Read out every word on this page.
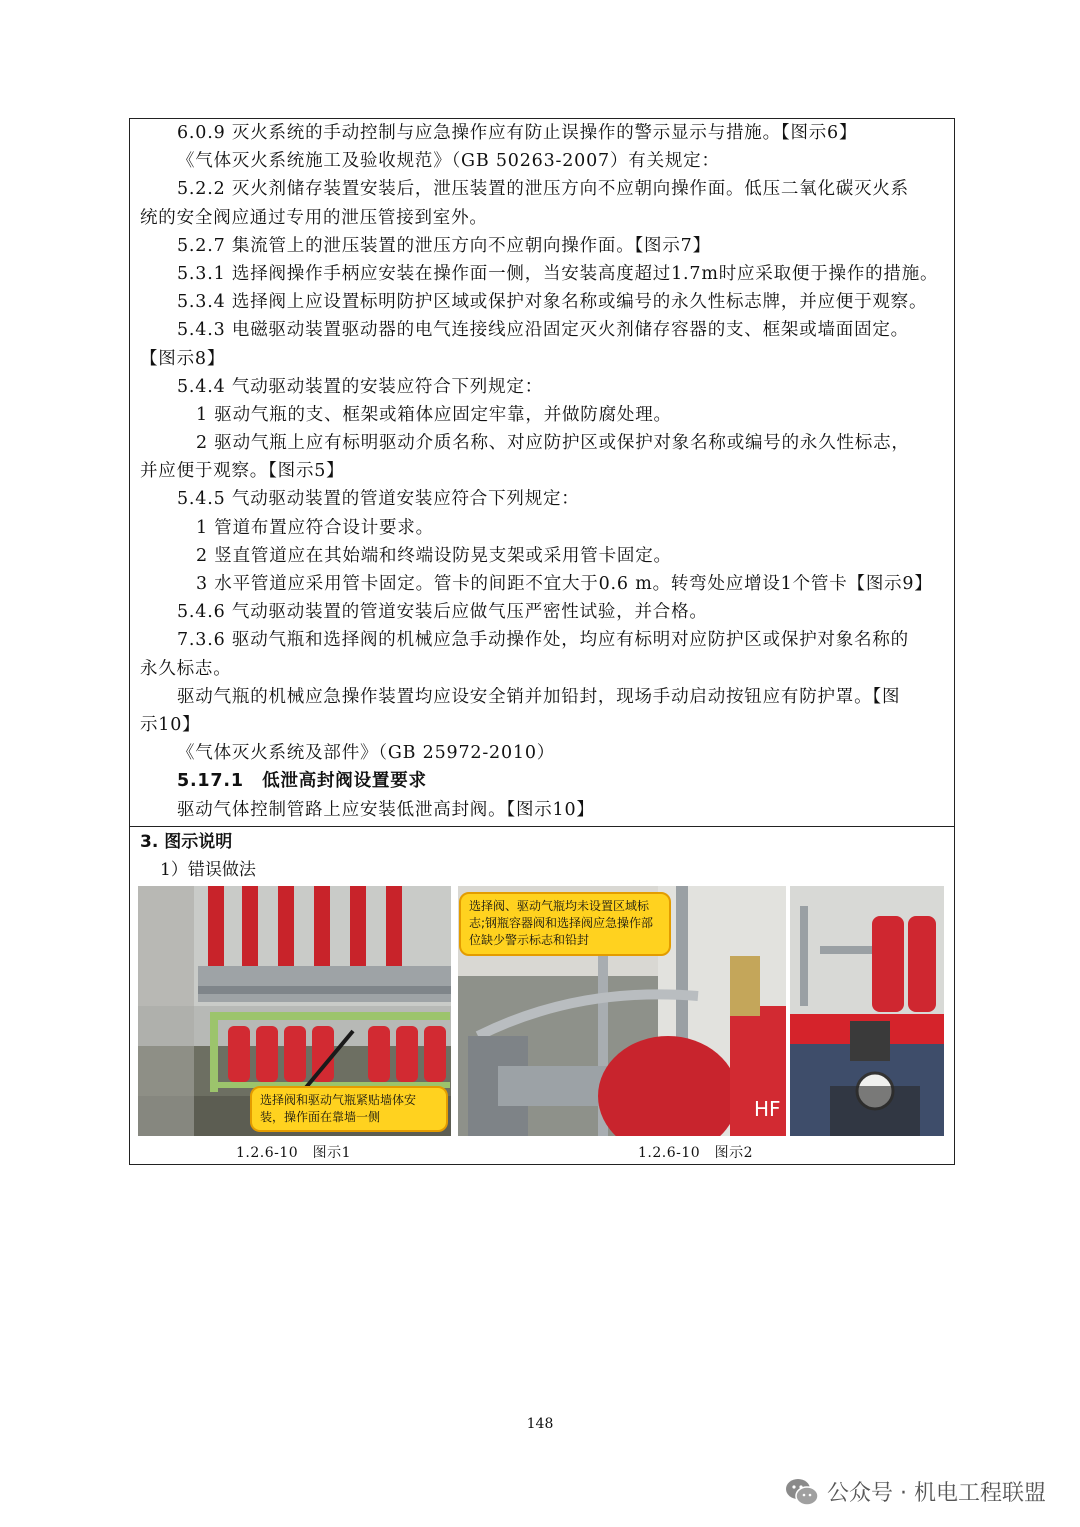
6.0.9 灭火系统的手动控制与应急操作应有防止误操作的警示显示与措施。【图示6】
《气体灭火系统施工及验收规范》（GB 50263-2007）有关规定：
5.2.2 灭火剂储存装置安装后，泄压装置的泄压方向不应朝向操作面。低压二氧化碳灭火系
统的安全阀应通过专用的泄压管接到室外。
5.2.7 集流管上的泄压装置的泄压方向不应朝向操作面。【图示7】
5.3.1 选择阀操作手柄应安装在操作面一侧，当安装高度超过1.7m时应采取便于操作的措施。
5.3.4 选择阀上应设置标明防护区域或保护对象名称或编号的永久性标志牌，并应便于观察。
5.4.3 电磁驱动装置驱动器的电气连接线应沿固定灭火剂储存容器的支、框架或墙面固定。
【图示8】
5.4.4 气动驱动装置的安装应符合下列规定：
1 驱动气瓶的支、框架或箱体应固定牢靠，并做防腐处理。
2 驱动气瓶上应有标明驱动介质名称、对应防护区或保护对象名称或编号的永久性标志，
并应便于观察。【图示5】
5.4.5 气动驱动装置的管道安装应符合下列规定：
1 管道布置应符合设计要求。
2 竖直管道应在其始端和终端设防晃支架或采用管卡固定。
3 水平管道应采用管卡固定。管卡的间距不宜大于0.6 m。转弯处应增设1个管卡【图示9】
5.4.6 气动驱动装置的管道安装后应做气压严密性试验，并合格。
7.3.6 驱动气瓶和选择阀的机械应急手动操作处，均应有标明对应防护区或保护对象名称的
永久标志。
驱动气瓶的机械应急操作装置均应设安全销并加铅封，现场手动启动按钮应有防护罩。【图
示10】
《气体灭火系统及部件》（GB 25972-2010）
5.17.1　低泄高封阀设置要求
驱动气体控制管路上应安装低泄高封阀。【图示10】
3. 图示说明
1）错误做法
选择阀和驱动气瓶紧贴墙体安装，操作面在靠墙一侧	HF
选择阀、驱动气瓶均未设置区域标志;钢瓶容器阀和选择阀应急操作部位缺少警示标志和铅封
1.2.6-10　图示1	1.2.6-10　图示2
148
公众号 · 机电工程联盟
